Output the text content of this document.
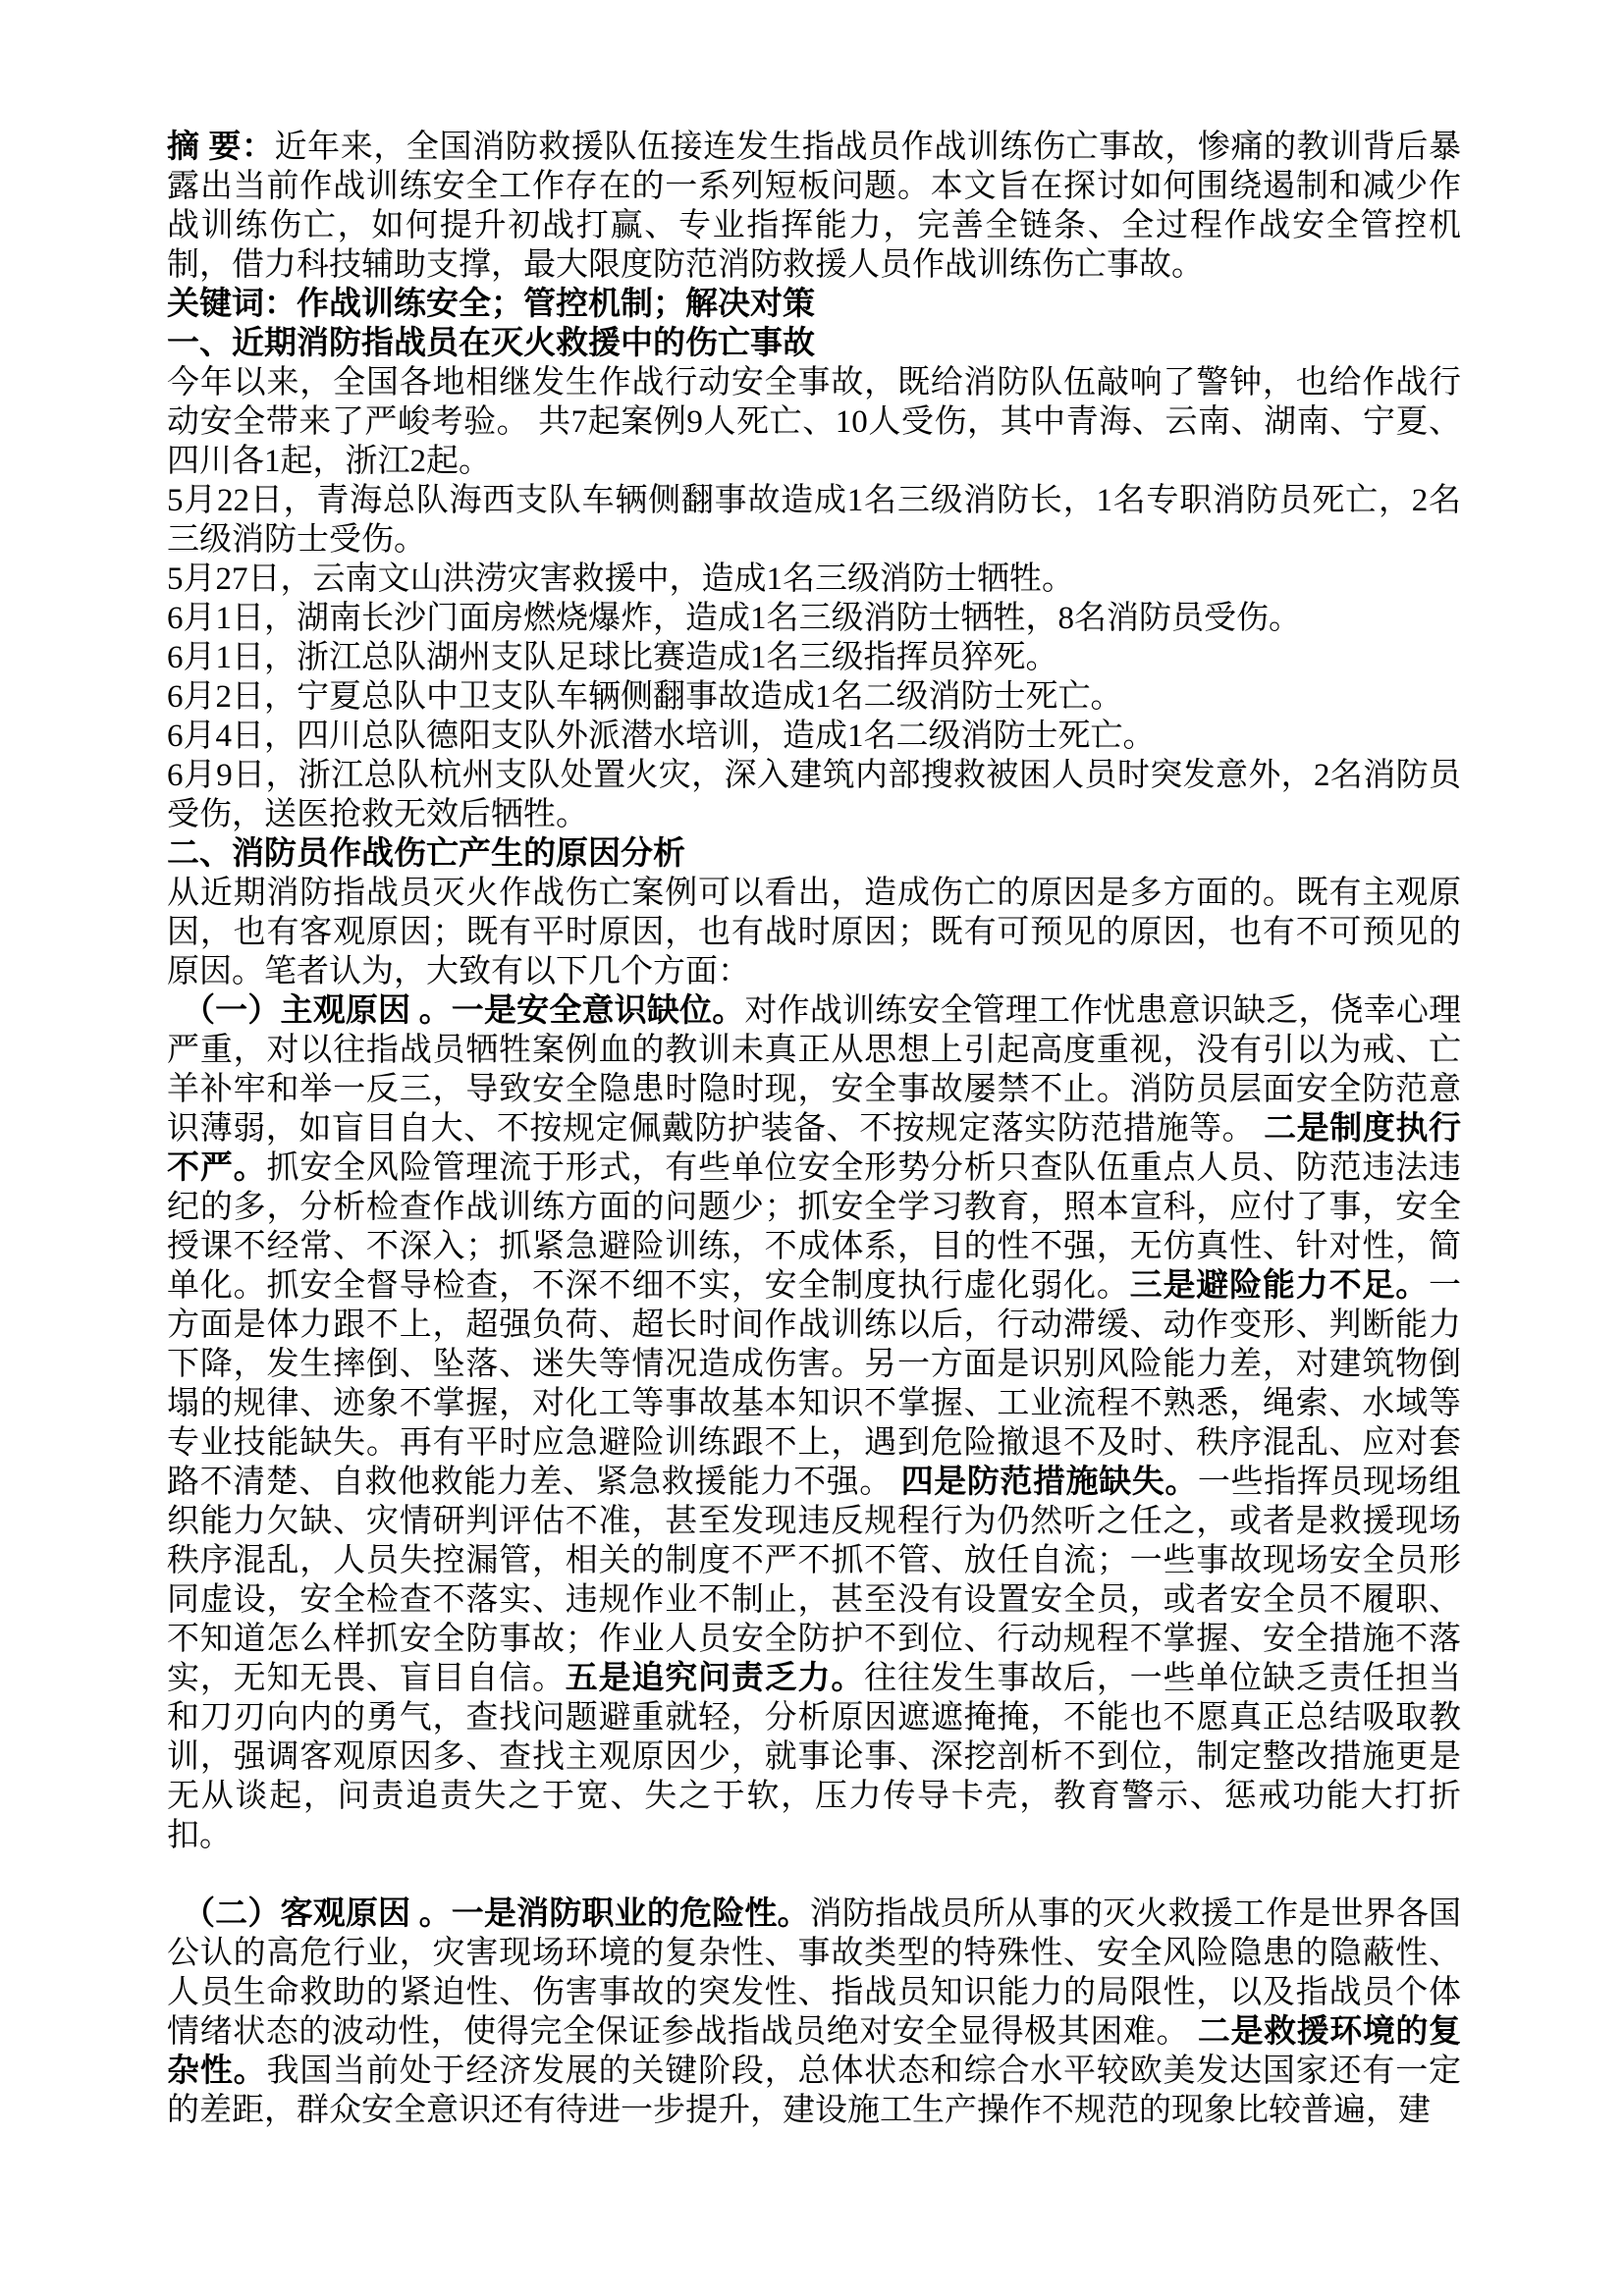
摘 要：近年来，全国消防救援队伍接连发生指战员作战训练伤亡事故，惨痛的教训背后暴露出当前作战训练安全工作存在的一系列短板问题。本文旨在探讨如何围绕遏制和减少作战训练伤亡，如何提升初战打赢、专业指挥能力，完善全链条、全过程作战安全管控机制，借力科技辅助支撑，最大限度防范消防救援人员作战训练伤亡事故。

关键词：作战训练安全；管控机制；解决对策

一、近期消防指战员在灭火救援中的伤亡事故

今年以来，全国各地相继发生作战行动安全事故，既给消防队伍敲响了警钟，也给作战行动安全带来了严峻考验。 共7起案例9人死亡、10人受伤，其中青海、云南、湖南、宁夏、四川各1起，浙江2起。

5月22日，青海总队海西支队车辆侧翻事故造成1名三级消防长，1名专职消防员死亡，2名三级消防士受伤。

5月27日，云南文山洪涝灾害救援中，造成1名三级消防士牺牲。

6月1日，湖南长沙门面房燃烧爆炸，造成1名三级消防士牺牲，8名消防员受伤。

6月1日，浙江总队湖州支队足球比赛造成1名三级指挥员猝死。

6月2日，宁夏总队中卫支队车辆侧翻事故造成1名二级消防士死亡。

6月4日，四川总队德阳支队外派潜水培训，造成1名二级消防士死亡。

6月9日，浙江总队杭州支队处置火灾，深入建筑内部搜救被困人员时突发意外，2名消防员受伤，送医抢救无效后牺牲。

二、消防员作战伤亡产生的原因分析

从近期消防指战员灭火作战伤亡案例可以看出，造成伤亡的原因是多方面的。既有主观原因，也有客观原因；既有平时原因，也有战时原因；既有可预见的原因，也有不可预见的原因。笔者认为，大致有以下几个方面：

（一）主观原因 。一是安全意识缺位。对作战训练安全管理工作忧患意识缺乏，侥幸心理严重，对以往指战员牺牲案例血的教训未真正从思想上引起高度重视，没有引以为戒、亡羊补牢和举一反三，导致安全隐患时隐时现，安全事故屡禁不止。消防员层面安全防范意识薄弱，如盲目自大、不按规定佩戴防护装备、不按规定落实防范措施等。 二是制度执行不严。抓安全风险管理流于形式，有些单位安全形势分析只查队伍重点人员、防范违法违纪的多，分析检查作战训练方面的问题少；抓安全学习教育，照本宣科，应付了事，安全授课不经常、不深入；抓紧急避险训练，不成体系，目的性不强，无仿真性、针对性，简单化。抓安全督导检查，不深不细不实，安全制度执行虚化弱化。三是避险能力不足。一方面是体力跟不上，超强负荷、超长时间作战训练以后，行动滞缓、动作变形、判断能力下降，发生摔倒、坠落、迷失等情况造成伤害。另一方面是识别风险能力差，对建筑物倒塌的规律、迹象不掌握，对化工等事故基本知识不掌握、工业流程不熟悉，绳索、水域等专业技能缺失。再有平时应急避险训练跟不上，遇到危险撤退不及时、秩序混乱、应对套路不清楚、自救他救能力差、紧急救援能力不强。 四是防范措施缺失。一些指挥员现场组织能力欠缺、灾情研判评估不准，甚至发现违反规程行为仍然听之任之，或者是救援现场秩序混乱，人员失控漏管，相关的制度不严不抓不管、放任自流；一些事故现场安全员形同虚设，安全检查不落实、违规作业不制止，甚至没有设置安全员，或者安全员不履职、不知道怎么样抓安全防事故；作业人员安全防护不到位、行动规程不掌握、安全措施不落实，无知无畏、盲目自信。五是追究问责乏力。往往发生事故后，一些单位缺乏责任担当和刀刃向内的勇气，查找问题避重就轻，分析原因遮遮掩掩，不能也不愿真正总结吸取教训，强调客观原因多、查找主观原因少，就事论事、深挖剖析不到位，制定整改措施更是无从谈起，问责追责失之于宽、失之于软，压力传导卡壳，教育警示、惩戒功能大打折扣。

（二）客观原因 。一是消防职业的危险性。消防指战员所从事的灭火救援工作是世界各国公认的高危行业，灾害现场环境的复杂性、事故类型的特殊性、安全风险隐患的隐蔽性、人员生命救助的紧迫性、伤害事故的突发性、指战员知识能力的局限性，以及指战员个体情绪状态的波动性，使得完全保证参战指战员绝对安全显得极其困难。 二是救援环境的复杂性。我国当前处于经济发展的关键阶段，总体状态和综合水平较欧美发达国家还有一定的差距，群众安全意识还有待进一步提升，建设施工生产操作不规范的现象比较普遍，建
